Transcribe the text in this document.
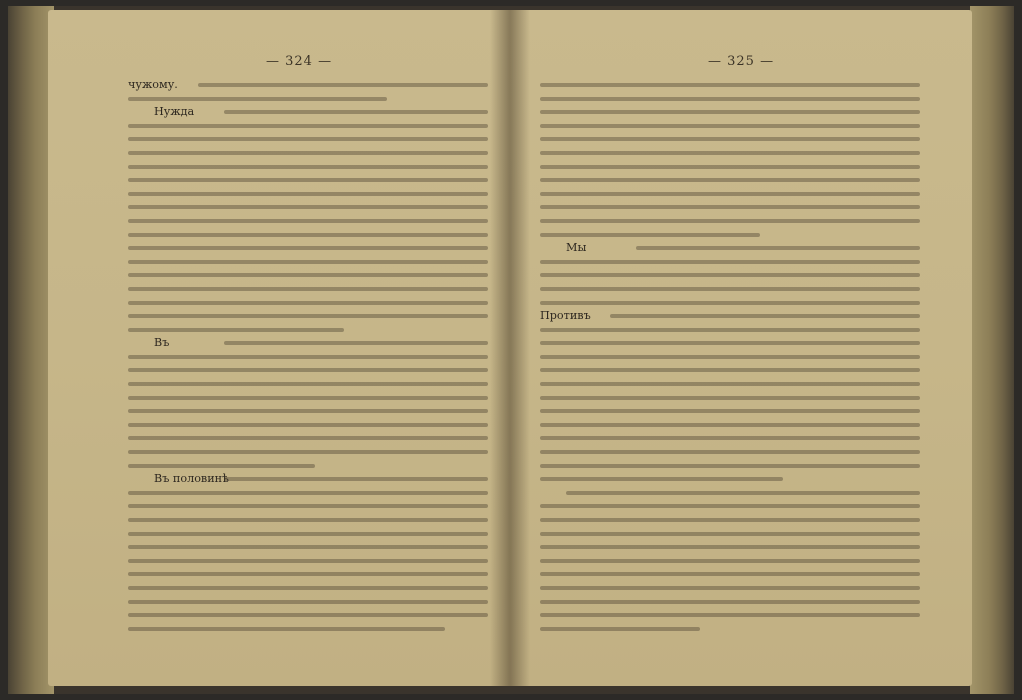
— 324 —
чужому.
Нужда
Въ
Въ половинѣ
— 325 —
Мы
Противъ
